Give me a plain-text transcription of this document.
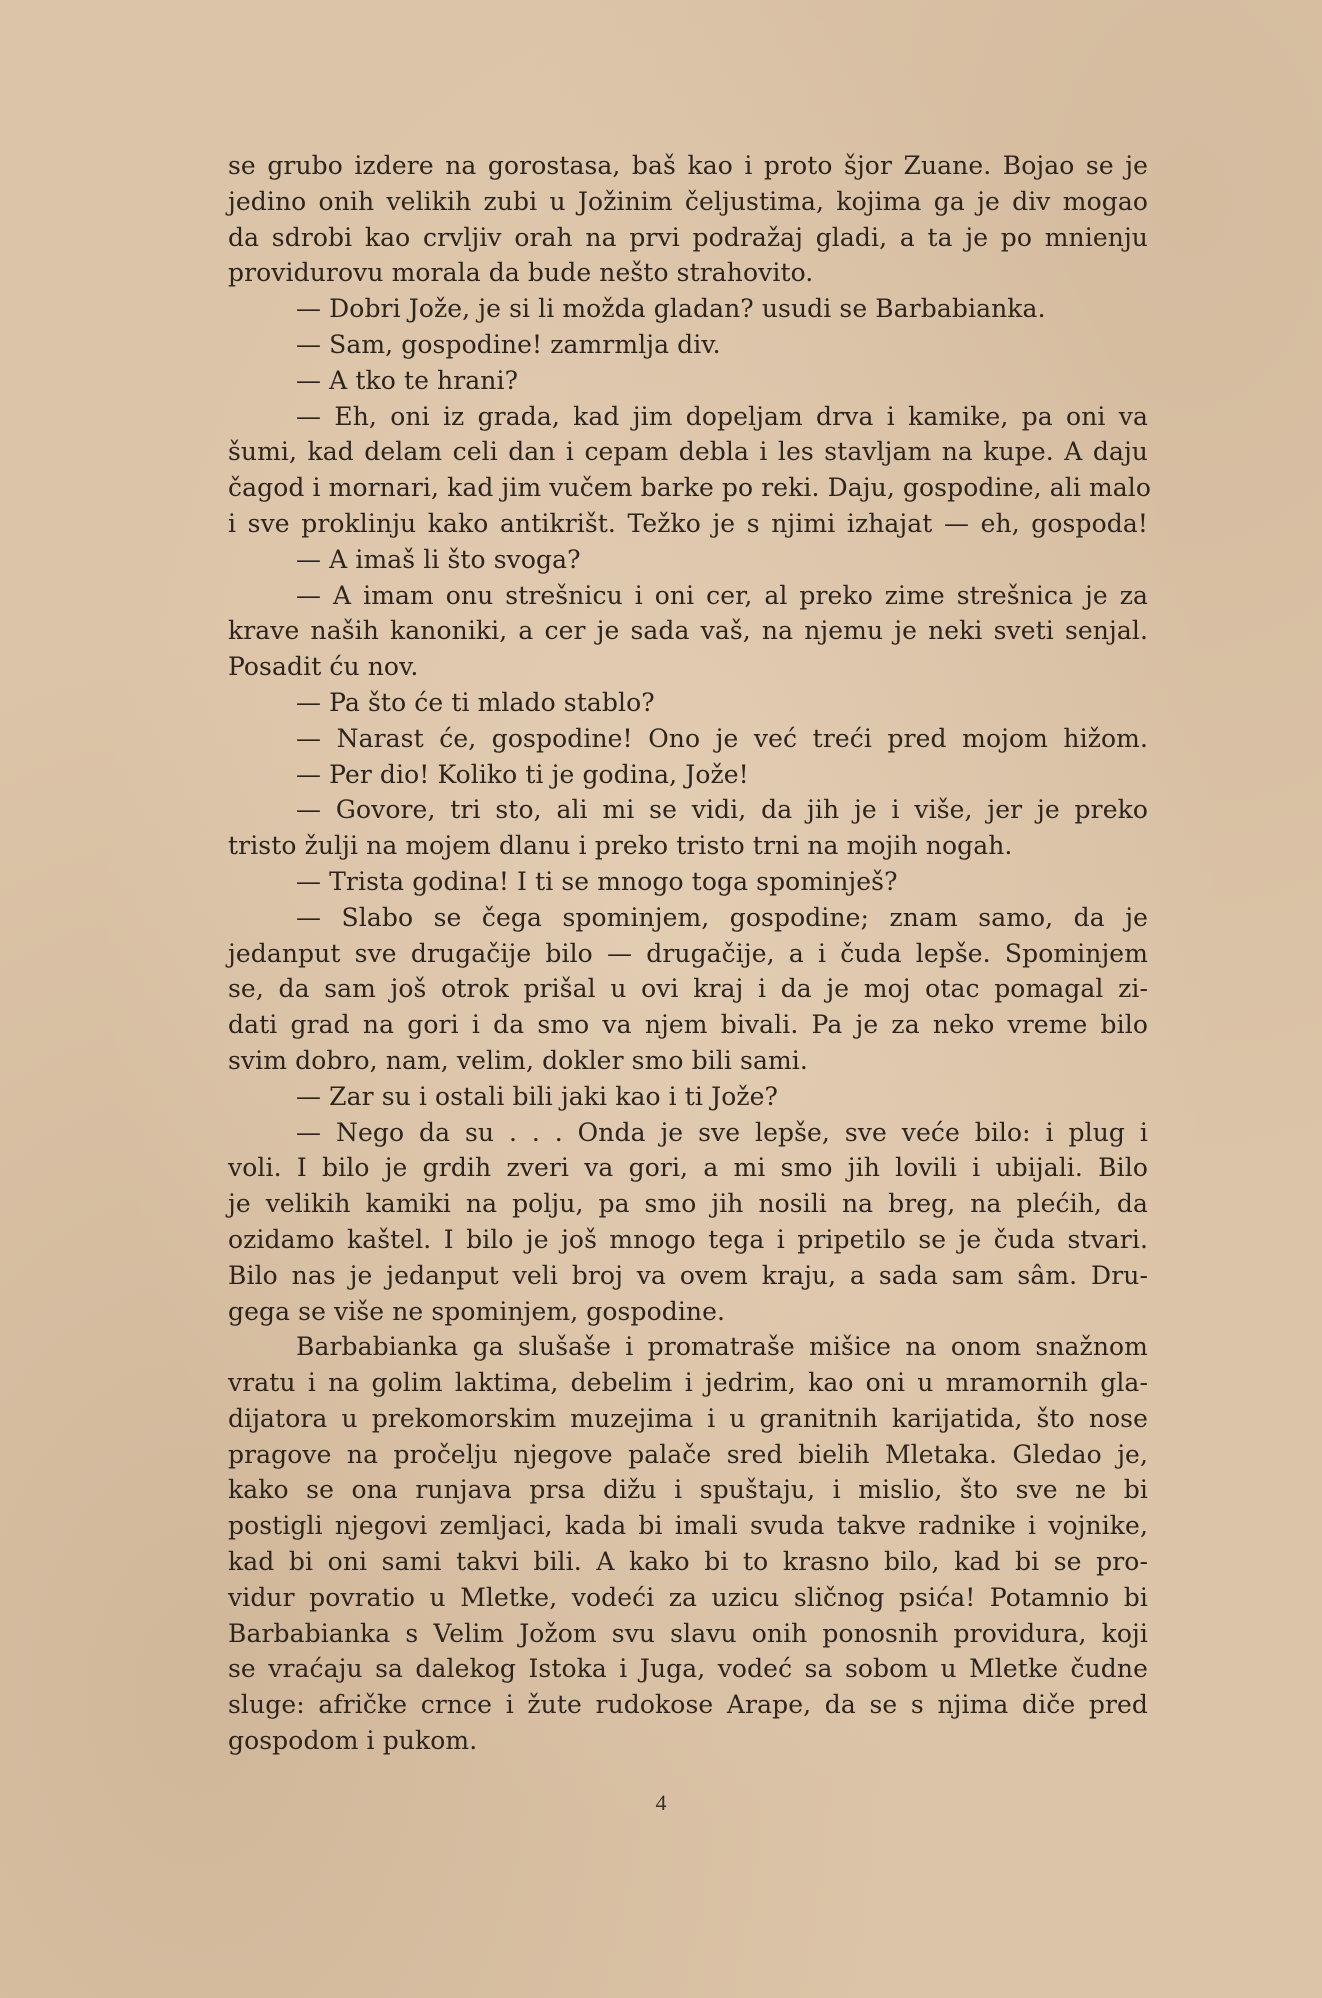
se grubo izdere na gorostasa, baš kao i proto šjor Zuane. Bojao se je
jedino onih velikih zubi u Jožinim čeljustima, kojima ga je div mogao
da sdrobi kao crvljiv orah na prvi podražaj gladi, a ta je po mnienju
providurovu morala da bude nešto strahovito.
— Dobri Jože, je si li možda gladan? usudi se Barbabianka.
— Sam, gospodine! zamrmlja div.
— A tko te hrani?
— Eh, oni iz grada, kad jim dopeljam drva i kamike, pa oni va
šumi, kad delam celi dan i cepam debla i les stavljam na kupe. A daju
čagod i mornari, kad jim vučem barke po reki. Daju, gospodine, ali malo
i sve proklinju kako antikrišt. Težko je s njimi izhajat — eh, gospoda!
— A imaš li što svoga?
— A imam onu strešnicu i oni cer, al preko zime strešnica je za
krave naših kanoniki, a cer je sada vaš, na njemu je neki sveti senjal.
Posadit ću nov.
— Pa što će ti mlado stablo?
— Narast će, gospodine! Ono je već treći pred mojom hižom.
— Per dio! Koliko ti je godina, Jože!
— Govore, tri sto, ali mi se vidi, da jih je i više, jer je preko
tristo žulji na mojem dlanu i preko tristo trni na mojih nogah.
— Trista godina! I ti se mnogo toga spominješ?
— Slabo se čega spominjem, gospodine; znam samo, da je
jedanput sve drugačije bilo — drugačije, a i čuda lepše. Spominjem
se, da sam još otrok prišal u ovi kraj i da je moj otac pomagal zi-
dati grad na gori i da smo va njem bivali. Pa je za neko vreme bilo
svim dobro, nam, velim, dokler smo bili sami.
— Zar su i ostali bili jaki kao i ti Jože?
— Nego da su . . . Onda je sve lepše, sve veće bilo: i plug i
voli. I bilo je grdih zveri va gori, a mi smo jih lovili i ubijali. Bilo
je velikih kamiki na polju, pa smo jih nosili na breg, na plećih, da
ozidamo kaštel. I bilo je još mnogo tega i pripetilo se je čuda stvari.
Bilo nas je jedanput veli broj va ovem kraju, a sada sam sâm. Dru-
gega se više ne spominjem, gospodine.
Barbabianka ga slušaše i promatraše mišice na onom snažnom
vratu i na golim laktima, debelim i jedrim, kao oni u mramornih gla-
dijatora u prekomorskim muzejima i u granitnih karijatida, što nose
pragove na pročelju njegove palače sred bielih Mletaka. Gledao je,
kako se ona runjava prsa dižu i spuštaju, i mislio, što sve ne bi
postigli njegovi zemljaci, kada bi imali svuda takve radnike i vojnike,
kad bi oni sami takvi bili. A kako bi to krasno bilo, kad bi se pro-
vidur povratio u Mletke, vodeći za uzicu sličnog psića! Potamnio bi
Barbabianka s Velim Jožom svu slavu onih ponosnih providura, koji
se vraćaju sa dalekog Istoka i Juga, vodeć sa sobom u Mletke čudne
sluge: afričke crnce i žute rudokose Arape, da se s njima diče pred
gospodom i pukom.
4
